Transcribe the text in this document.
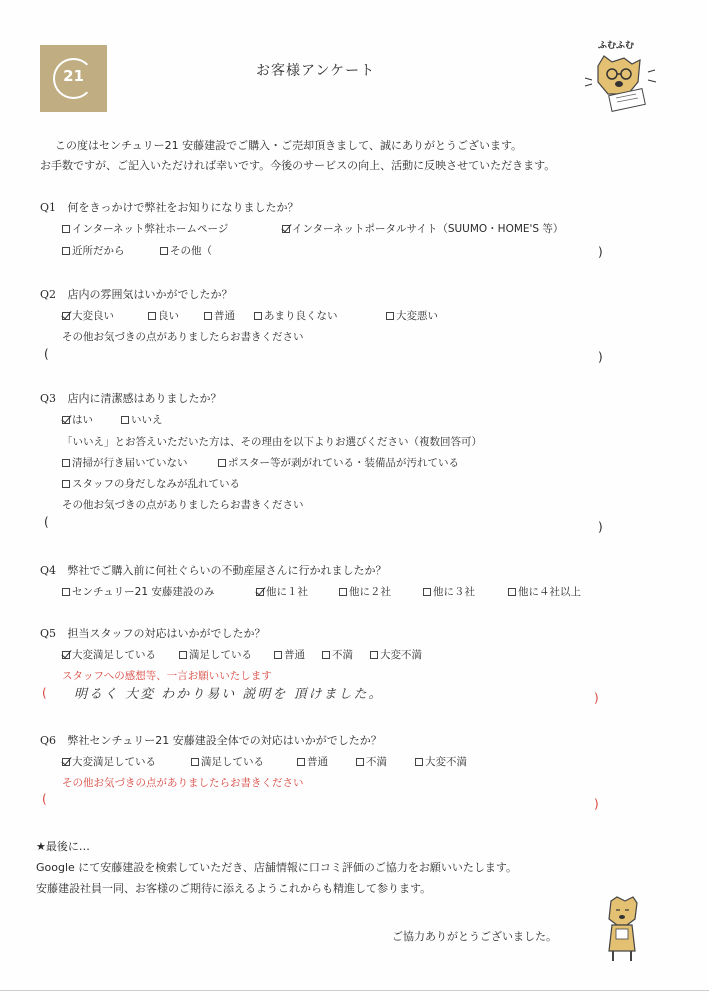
21	お客様アンケート
ふむふむ
この度はセンチュリー21 安藤建設でご購入・ご売却頂きまして、誠にありがとうございます。
お手数ですが、ご記入いただければ幸いです。今後のサービスの向上、活動に反映させていただきます。
Q1 何をきっかけで弊社をお知りになりましたか？
インターネット弊社ホームページ	インターネットポータルサイト（SUUMO・HOME'S 等）
近所だから	その他（	)
Q2 店内の雰囲気はいかがでしたか？
大変良い	良い	普通	あまり良くない	大変悪い
その他お気づきの点がありましたらお書きください
(	)
Q3 店内に清潔感はありましたか？
はい	いいえ
「いいえ」とお答えいただいた方は、その理由を以下よりお選びください（複数回答可）
清掃が行き届いていない	ポスター等が剥がれている・装備品が汚れている
スタッフの身だしなみが乱れている
その他お気づきの点がありましたらお書きください
(	)
Q4 弊社でご購入前に何社ぐらいの不動産屋さんに行かれましたか？
センチュリー21 安藤建設のみ	他に１社	他に２社	他に３社	他に４社以上
Q5 担当スタッフの対応はいかがでしたか？
大変満足している	満足している	普通	不満	大変不満
スタッフへの感想等、一言お願いいたします
( 明るく 大変 わかり易い 説明を 頂けました。	)
Q6 弊社センチュリー21 安藤建設全体での対応はいかがでしたか？
大変満足している	満足している	普通	不満	大変不満
その他お気づきの点がありましたらお書きください
(	)
★最後に…
Google にて安藤建設を検索していただき、店舗情報に口コミ評価のご協力をお願いいたします。
安藤建設社員一同、お客様のご期待に添えるようこれからも精進して参ります。
ご協力ありがとうございました。
